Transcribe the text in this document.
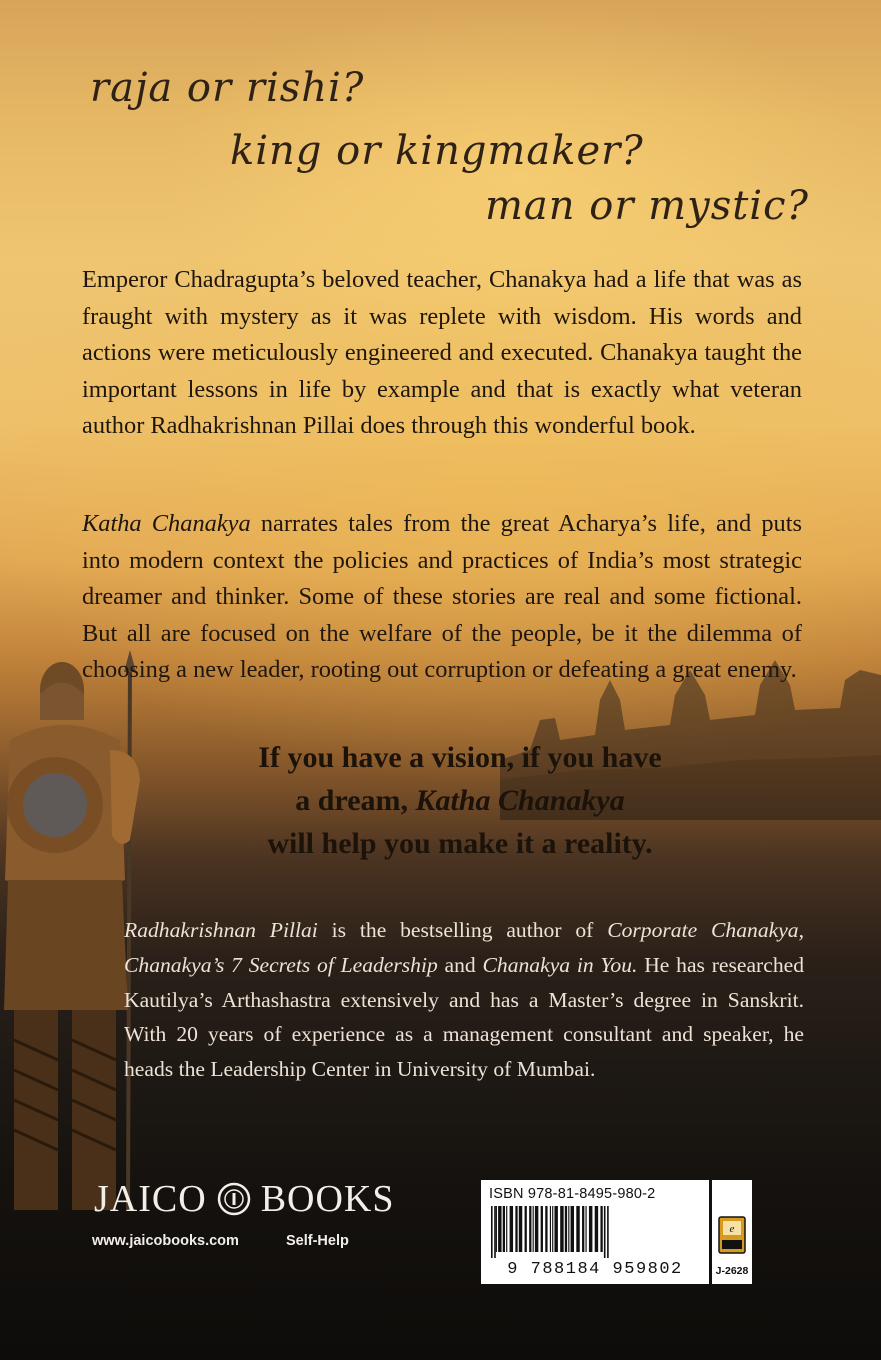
raja or rishi?

king or kingmaker?

man or mystic?

Emperor Chadragupta’s beloved teacher, Chanakya had a life that was as fraught with mystery as it was replete with wisdom. His words and actions were meticulously engineered and executed. Chanakya taught the important lessons in life by example and that is exactly what veteran author Radhakrishnan Pillai does through this wonderful book.

Katha Chanakya narrates tales from the great Acharya’s life, and puts into modern context the policies and practices of India’s most strategic dreamer and thinker. Some of these stories are real and some fictional. But all are focused on the welfare of the people, be it the dilemma of choosing a new leader, rooting out corruption or defeating a great enemy.

If you have a vision, if you have
a dream, Katha Chanakya
will help you make it a reality.

Radhakrishnan Pillai is the bestselling author of Corporate Chanakya, Chanakya’s 7 Secrets of Leadership and Chanakya in You. He has researched Kautilya’s Arthashastra extensively and has a Master’s degree in Sanskrit. With 20 years of experience as a management consultant and speaker, he heads the Leadership Center in University of Mumbai.

JAICO BOOKS
www.jaicobooks.com	Self-Help

ISBN 978-81-8495-980-2

9 788184 959802
e
J-2628
